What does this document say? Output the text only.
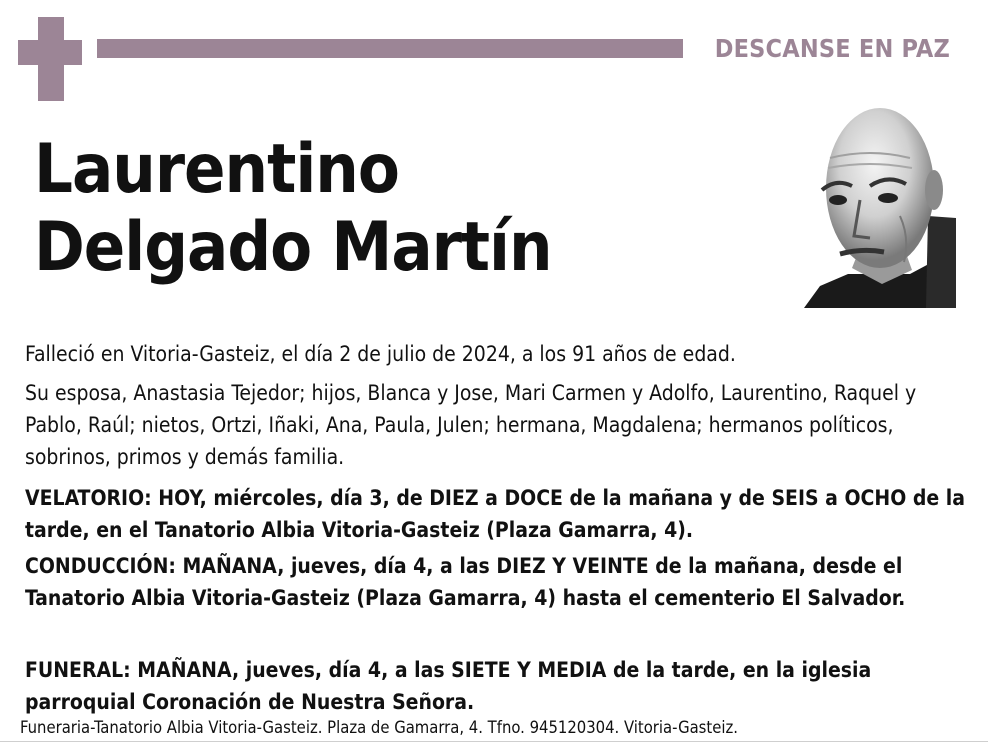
DESCANSE EN PAZ
Laurentino
Delgado Martín
Falleció en Vitoria-Gasteiz, el día 2 de julio de 2024, a los 91 años de edad.
Su esposa, Anastasia Tejedor; hijos, Blanca y Jose, Mari Carmen y Adolfo, Laurentino, Raquel y Pablo, Raúl; nietos, Ortzi, Iñaki, Ana, Paula, Julen; hermana, Magdalena; hermanos políticos, sobrinos, primos y demás familia.
VELATORIO: HOY, miércoles, día 3, de DIEZ a DOCE de la mañana y de SEIS a OCHO de la tarde, en el Tanatorio Albia Vitoria-Gasteiz (Plaza Gamarra, 4).
CONDUCCIÓN: MAÑANA, jueves, día 4, a las DIEZ Y VEINTE de la mañana, desde el Tanatorio Albia Vitoria-Gasteiz (Plaza Gamarra, 4) hasta el cementerio El Salvador.
FUNERAL: MAÑANA, jueves, día 4, a las SIETE Y MEDIA de la tarde, en la iglesia parroquial Coronación de Nuestra Señora.
Funeraria-Tanatorio Albia Vitoria-Gasteiz. Plaza de Gamarra, 4. Tfno. 945120304. Vitoria-Gasteiz.
